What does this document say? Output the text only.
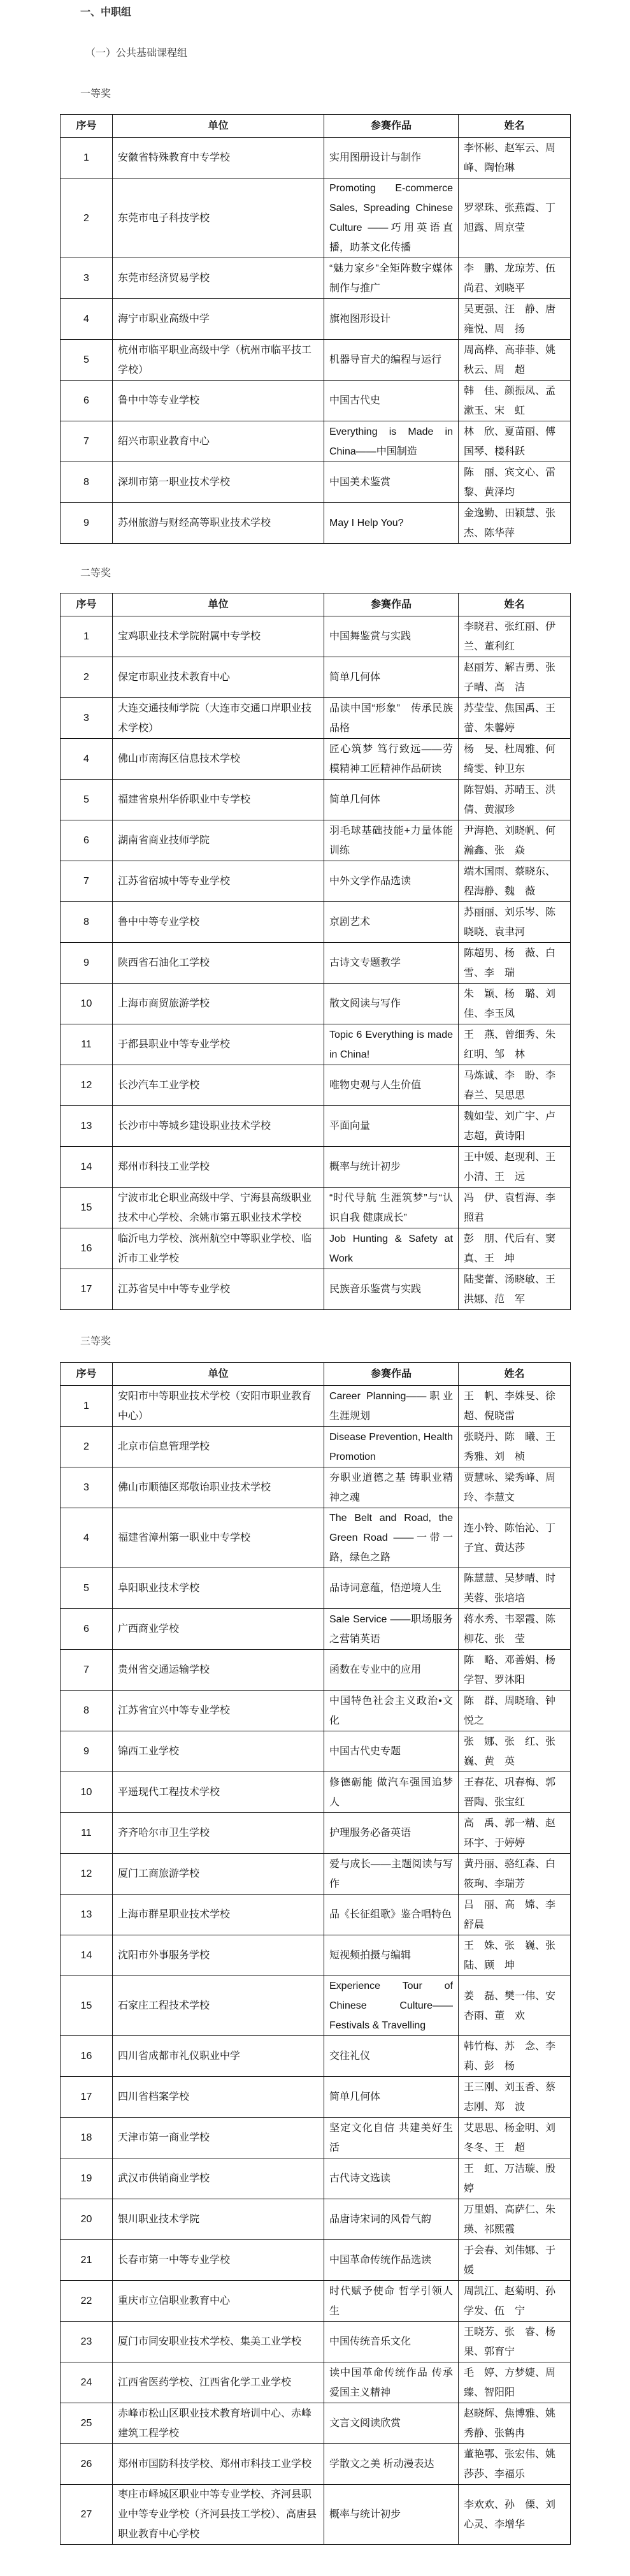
一、中职组
（一）公共基础课程组
一等奖
序号	单位	参赛作品	姓名
1	安徽省特殊教育中专学校	实用图册设计与制作	李怀彬、赵军云、周峰、陶怡琳
2	东莞市电子科技学校	Promoting E-commerce Sales, Spreading Chinese Culture ——巧用英语直播，助茶文化传播	罗翠珠、张燕霞、丁旭露、周京莹
3	东莞市经济贸易学校	“魅力家乡”全矩阵数字媒体制作与推广	李　鹏、龙琼芳、伍尚君、刘晓平
4	海宁市职业高级中学	旗袍图形设计	吴更强、汪　静、唐雍悦、周　扬
5	杭州市临平职业高级中学（杭州市临平技工学校）	机器导盲犬的编程与运行	周高桦、高菲菲、姚秋云、周　超
6	鲁中中等专业学校	中国古代史	韩　佳、颜振凤、孟漱玉、宋　虹
7	绍兴市职业教育中心	Everything is Made in China——中国制造	林　欣、夏苗丽、傅国琴、楼科跃
8	深圳市第一职业技术学校	中国美术鉴赏	陈　丽、宾文心、雷黎、黄泽均
9	苏州旅游与财经高等职业技术学校	May I Help You?	金逸勤、田颖慧、张杰、陈华萍
二等奖
序号	单位	参赛作品	姓名
1	宝鸡职业技术学院附属中专学校	中国舞鉴赏与实践	李晓君、张红丽、伊兰、董利红
2	保定市职业技术教育中心	简单几何体	赵丽芳、解吉勇、张子晴、高　洁
3	大连交通技师学院（大连市交通口岸职业技术学校）	品读中国“形象”　传承民族品格	苏莹莹、焦国禹、王蕾、朱馨婷
4	佛山市南海区信息技术学校	匠心筑梦 笃行致远——劳模精神工匠精神作品研读	杨　旻、杜周雅、何绮雯、钟卫东
5	福建省泉州华侨职业中专学校	简单几何体	陈智娟、苏晴玉、洪倩、黄淑珍
6	湖南省商业技师学院	羽毛球基础技能+力量体能训练	尹海艳、刘晓帆、何瀚鑫、张　焱
7	江苏省宿城中等专业学校	中外文学作品选读	端木国雨、蔡晓东、程海静、魏　薇
8	鲁中中等专业学校	京剧艺术	苏丽丽、刘乐岑、陈晓晓、袁聿河
9	陕西省石油化工学校	古诗文专题教学	陈超男、杨　薇、白雪、李　瑞
10	上海市商贸旅游学校	散文阅读与写作	朱　颖、杨　璐、刘佳、李玉凤
11	于都县职业中等专业学校	Topic 6 Everything is made in China!	王　燕、曾细秀、朱红明、邹　林
12	长沙汽车工业学校	唯物史观与人生价值	马炼诚、李　盼、李春兰、吴思思
13	长沙市中等城乡建设职业技术学校	平面向量	魏如莹、刘广宇、卢志超，黄诗阳
14	郑州市科技工业学校	概率与统计初步	王中媛、赵现利、王小清、王　远
15	宁波市北仑职业高级中学、宁海县高级职业技术中心学校、余姚市第五职业技术学校	“时代导航 生涯筑梦”与“认识自我 健康成长”	冯　伊、袁哲海、李照君
16	临沂电力学校、滨州航空中等职业学校、临沂市工业学校	Job Hunting & Safety at Work	彭　朋、代后有、窦真、王　坤
17	江苏省吴中中等专业学校	民族音乐鉴赏与实践	陆斐蕾、汤晓敏、王洪娜、范　军
三等奖
序号	单位	参赛作品	姓名
1	安阳市中等职业技术学校（安阳市职业教育中心）	Career Planning——职业生涯规划	王　帆、李姝旻、徐超、倪晓雷
2	北京市信息管理学校	Disease Prevention, Health Promotion	张晓丹、陈　曦、王秀雅、刘　桢
3	佛山市顺德区郑敬诒职业技术学校	夯职业道德之基 铸职业精神之魂	贾慧咏、梁秀峰、周玲、李慧文
4	福建省漳州第一职业中专学校	The Belt and Road, the Green Road ——一带一路，绿色之路	连小铃、陈怡沁、丁子宜、黄达莎
5	阜阳职业技术学校	品诗词意蕴，悟逆境人生	陈慧慧、吴梦晴、时芙蓉、张培培
6	广西商业学校	Sale Service ——职场服务之营销英语	蒋水秀、韦翠霞、陈柳花、张　莹
7	贵州省交通运输学校	函数在专业中的应用	陈　略、邓善娟、杨学智、罗沐阳
8	江苏省宜兴中等专业学校	中国特色社会主义政治•文化	陈　群、周晓瑜、钟悦之
9	锦西工业学校	中国古代史专题	张　娜、张　红、张巍、黄　英
10	平遥现代工程技术学校	修德砺能 做汽车强国追梦人	王春花、巩春梅、郭晋陶、张宝红
11	齐齐哈尔市卫生学校	护理服务必备英语	高　禹、郭一精、赵环宇、于婷婷
12	厦门工商旅游学校	爱与成长——主题阅读与写作	黄丹丽、骆红森、白筱珣、李瑞芳
13	上海市群星职业技术学校	品《长征组歌》鉴合唱特色	吕　丽、高　嫦、李舒晨
14	沈阳市外事服务学校	短视频拍摄与编辑	王　姝、张　巍、张陆、顾　坤
15	石家庄工程技术学校	Experience Tour of Chinese Culture——Festivals & Travelling	姜　磊、樊一伟、安杏雨、董　欢
16	四川省成都市礼仪职业中学	交往礼仪	韩竹梅、苏　念、李莉、彭　杨
17	四川省档案学校	简单几何体	王三刚、刘玉香、蔡志刚、郑　波
18	天津市第一商业学校	坚定文化自信 共建美好生活	艾思思、杨金明、刘冬冬、王　超
19	武汉市供销商业学校	古代诗文选读	王　虹、万洁璇、殷婷
20	银川职业技术学院	品唐诗宋词的风骨气韵	万里娟、高萨仁、朱瑛、祁熙霞
21	长春市第一中等专业学校	中国革命传统作品选读	于会春、刘伟娜、于媛
22	重庆市立信职业教育中心	时代赋予使命 哲学引领人生	周凯江、赵菊明、孙学发、伍　宁
23	厦门市同安职业技术学校、集美工业学校	中国传统音乐文化	王晓芳、张　睿、杨果、郭育宁
24	江西省医药学校、江西省化学工业学校	读中国革命传统作品 传承爱国主义精神	毛　婷、方梦婕、周臻、智阳阳
25	赤峰市松山区职业技术教育培训中心、赤峰建筑工程学校	文言文阅读欣赏	赵晓辉、焦博雅、姚秀静、张鹤冉
26	郑州市国防科技学校、郑州市科技工业学校	学散文之美 析动漫表达	董艳鄂、张宏伟、姚莎莎、李福乐
27	枣庄市峄城区职业中等专业学校、齐河县职业中等专业学校（齐河县技工学校）、高唐县职业教育中心学校	概率与统计初步	李欢欢、孙　傈、刘心灵、李增华
